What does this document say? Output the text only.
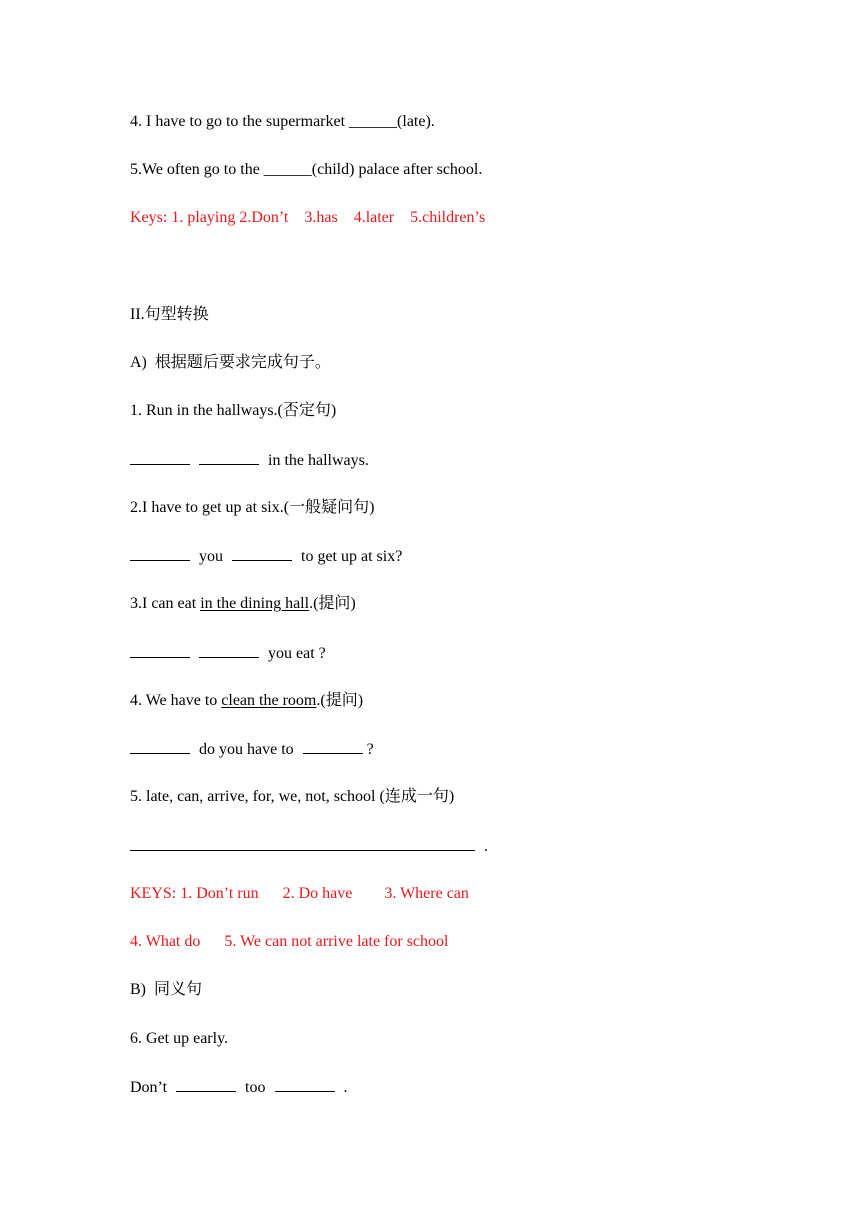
4. I have to go to the supermarket ______(late).
5.We often go to the ______(child) palace after school.
Keys: 1. playing 2.Don’t    3.has    4.later    5.children’s
II.句型转换
A)  根据题后要求完成句子。
1. Run in the hallways.(否定句)
in the hallways.
2.I have to get up at six.(一般疑问句)
you	to get up at six?
3.I can eat in the dining hall.(提问)
you eat ?
4. We have to clean the room.(提问)
do you have to	?
5. late, can, arrive, for, we, not, school (连成一句)
.
KEYS: 1. Don’t run      2. Do have        3. Where can
4. What do      5. We can not arrive late for school
B)  同义句
6. Get up early.
Don’t	too	.
